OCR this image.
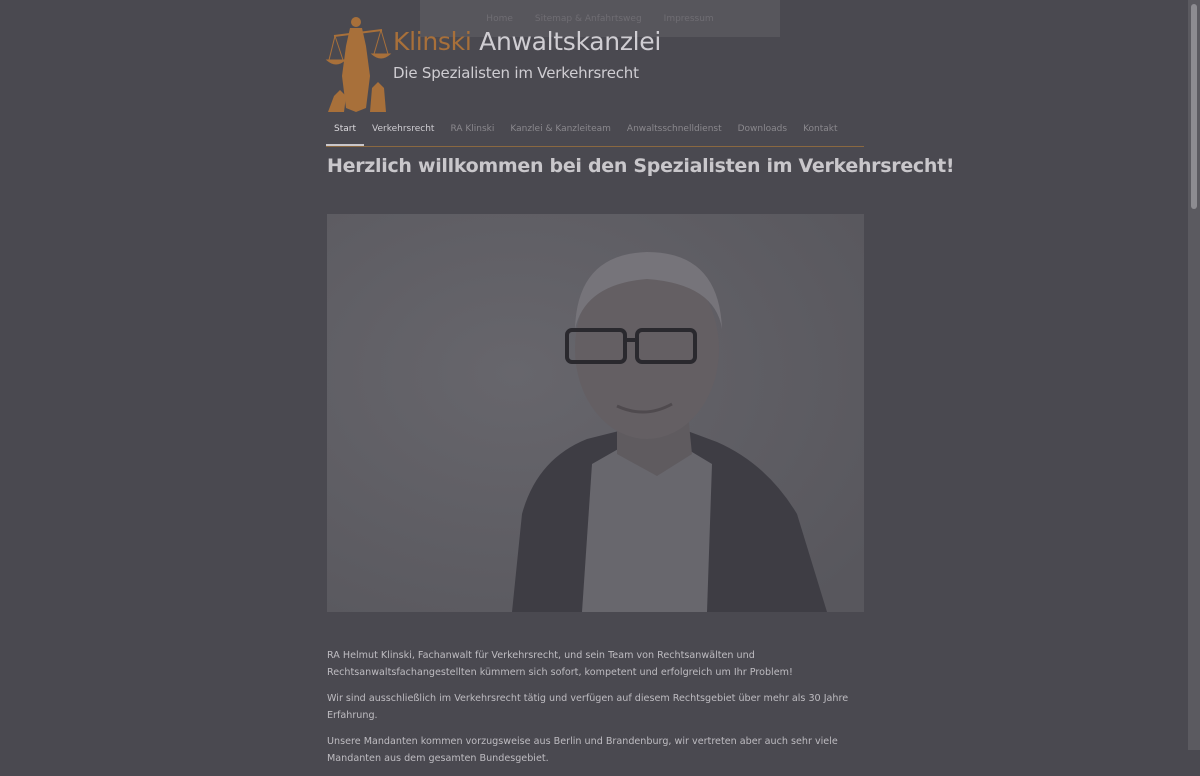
Home Sitemap & Anfahrtsweg Impressum
Klinski Anwaltskanzlei
Die Spezialisten im Verkehrsrecht
Start	Verkehrsrecht	RA Klinski	Kanzlei & Kanzleiteam	Anwaltsschnelldienst	Downloads	Kontakt
Herzlich willkommen bei den Spezialisten im Verkehrsrecht!

RA Helmut Klinski, Fachanwalt für Verkehrsrecht, und sein Team von Rechtsanwälten und Rechtsanwaltsfachangestellten kümmern sich sofort, kompetent und erfolgreich um Ihr Problem!

Wir sind ausschließlich im Verkehrsrecht tätig und verfügen auf diesem Rechtsgebiet über mehr als 30 Jahre Erfahrung.

Unsere Mandanten kommen vorzugsweise aus Berlin und Brandenburg, wir vertreten aber auch sehr viele Mandanten aus dem gesamten Bundesgebiet.
